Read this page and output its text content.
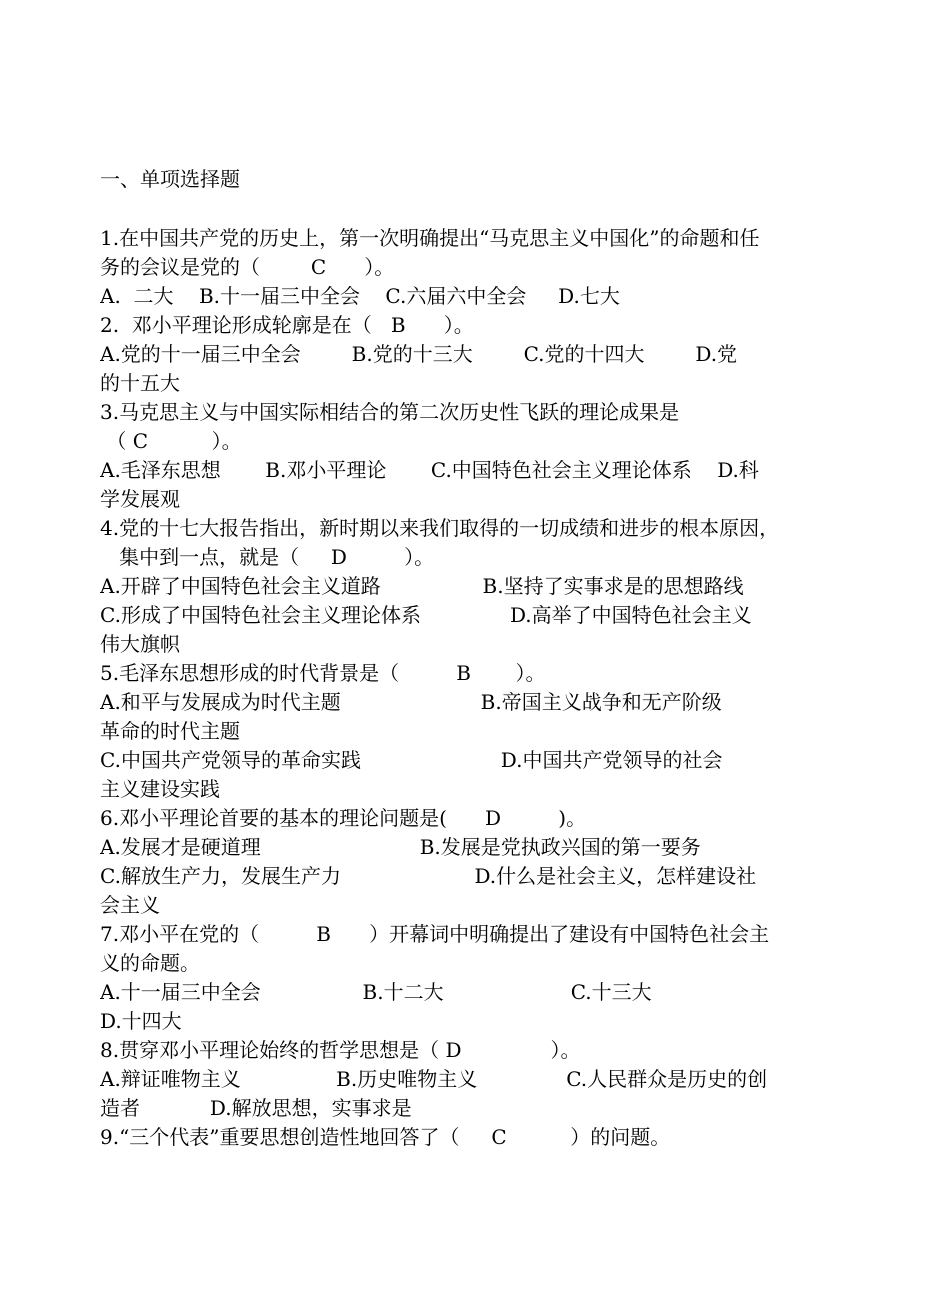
一、单项选择题
1.在中国共产党的历史上，第一次明确提出“马克思主义中国化”的命题和任
务的会议是党的（        C      ）。
A.  二大    B.十一届三中全会    C.六届六中全会     D.七大
2.  邓小平理论形成轮廓是在（   B      ）。
A.党的十一届三中全会        B.党的十三大        C.党的十四大        D.党
的十五大
3.马克思主义与中国实际相结合的第二次历史性飞跃的理论成果是
（ C          ）。
A.毛泽东思想       B.邓小平理论       C.中国特色社会主义理论体系    D.科
学发展观
4.党的十七大报告指出，新时期以来我们取得的一切成绩和进步的根本原因，
集中到一点，就是（     D         ）。
A.开辟了中国特色社会主义道路                B.坚持了实事求是的思想路线
C.形成了中国特色社会主义理论体系              D.高举了中国特色社会主义
伟大旗帜
5.毛泽东思想形成的时代背景是（         B       ）。
A.和平与发展成为时代主题                      B.帝国主义战争和无产阶级
革命的时代主题
C.中国共产党领导的革命实践                      D.中国共产党领导的社会
主义建设实践
6.邓小平理论首要的基本的理论问题是(      D         )。
A.发展才是硬道理                         B.发展是党执政兴国的第一要务
C.解放生产力，发展生产力                     D.什么是社会主义，怎样建设社
会主义
7.邓小平在党的（         B      ）开幕词中明确提出了建设有中国特色社会主
义的命题。
A.十一届三中全会                B.十二大                    C.十三大
D.十四大
8.贯穿邓小平理论始终的哲学思想是（ D              ）。
A.辩证唯物主义               B.历史唯物主义              C.人民群众是历史的创
造者           D.解放思想，实事求是
9.“三个代表”重要思想创造性地回答了（     C          ）的问题。
